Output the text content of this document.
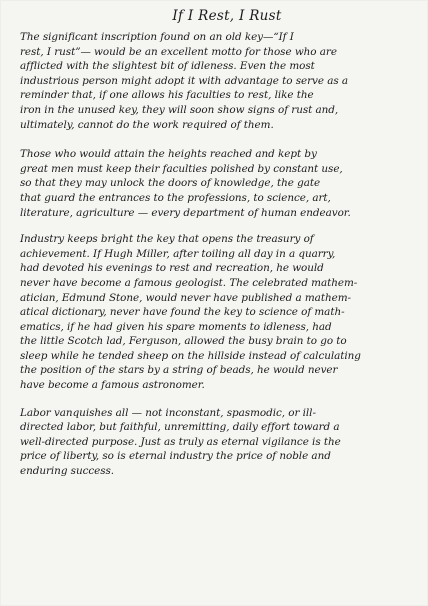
If I Rest, I Rust

The significant inscription found on an old key—“If I
rest, I rust”— would be an excellent motto for those who are
afflicted with the slightest bit of idleness. Even the most
industrious person might adopt it with advantage to serve as a
reminder that, if one allows his faculties to rest, like the
iron in the unused key, they will soon show signs of rust and,
ultimately, cannot do the work required of them.

Those who would attain the heights reached and kept by
great men must keep their faculties polished by constant use,
so that they may unlock the doors of knowledge, the gate
that guard the entrances to the professions, to science, art,
literature, agriculture — every department of human endeavor.

Industry keeps bright the key that opens the treasury of
achievement. If Hugh Miller, after toiling all day in a quarry,
had devoted his evenings to rest and recreation, he would
never have become a famous geologist. The celebrated mathem-
atician, Edmund Stone, would never have published a mathem-
atical dictionary, never have found the key to science of math-
ematics, if he had given his spare moments to idleness, had
the little Scotch lad, Ferguson, allowed the busy brain to go to
sleep while he tended sheep on the hillside instead of calculating
the position of the stars by a string of beads, he would never
have become a famous astronomer.

Labor vanquishes all — not inconstant, spasmodic, or ill-
directed labor, but faithful, unremitting, daily effort toward a
well-directed purpose. Just as truly as eternal vigilance is the
price of liberty, so is eternal industry the price of noble and
enduring success.
